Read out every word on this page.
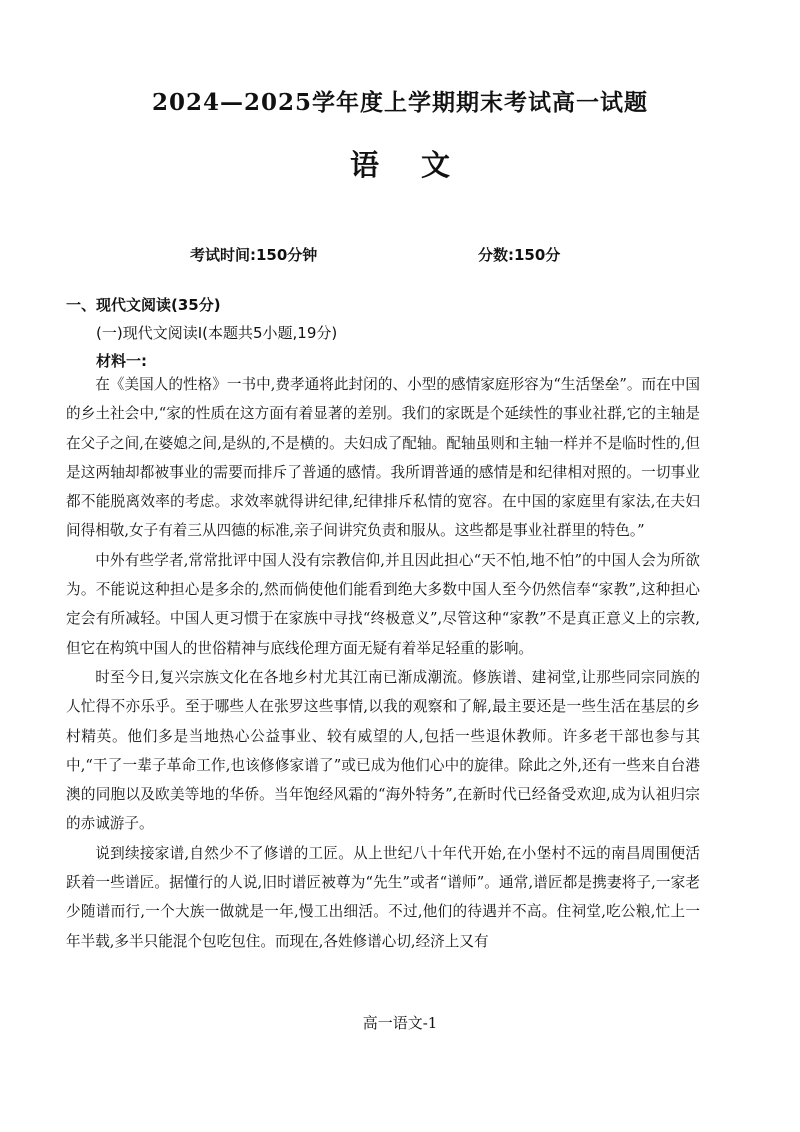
2024—2025学年度上学期期末考试高一试题
语文
考试时间:150分钟	分数:150分
一、现代文阅读(35分)
(一)现代文阅读I(本题共5小题,19分)
材料一:

在《美国人的性格》一书中,费孝通将此封闭的、小型的感情家庭形容为“生活堡垒”。而在中国的乡土社会中,“家的性质在这方面有着显著的差别。我们的家既是个延续性的事业社群,它的主轴是在父子之间,在婆媳之间,是纵的,不是横的。夫妇成了配轴。配轴虽则和主轴一样并不是临时性的,但是这两轴却都被事业的需要而排斥了普通的感情。我所谓普通的感情是和纪律相对照的。一切事业都不能脱离效率的考虑。求效率就得讲纪律,纪律排斥私情的宽容。在中国的家庭里有家法,在夫妇间得相敬,女子有着三从四德的标准,亲子间讲究负责和服从。这些都是事业社群里的特色。”

中外有些学者,常常批评中国人没有宗教信仰,并且因此担心“天不怕,地不怕”的中国人会为所欲为。不能说这种担心是多余的,然而倘使他们能看到绝大多数中国人至今仍然信奉“家教”,这种担心定会有所减轻。中国人更习惯于在家族中寻找“终极意义”,尽管这种“家教”不是真正意义上的宗教,但它在构筑中国人的世俗精神与底线伦理方面无疑有着举足轻重的影响。

时至今日,复兴宗族文化在各地乡村尤其江南已渐成潮流。修族谱、建祠堂,让那些同宗同族的人忙得不亦乐乎。至于哪些人在张罗这些事情,以我的观察和了解,最主要还是一些生活在基层的乡村精英。他们多是当地热心公益事业、较有威望的人,包括一些退休教师。许多老干部也参与其中,“干了一辈子革命工作,也该修修家谱了”或已成为他们心中的旋律。除此之外,还有一些来自台港澳的同胞以及欧美等地的华侨。当年饱经风霜的“海外特务”,在新时代已经备受欢迎,成为认祖归宗的赤诚游子。

说到续接家谱,自然少不了修谱的工匠。从上世纪八十年代开始,在小堡村不远的南昌周围便活跃着一些谱匠。据懂行的人说,旧时谱匠被尊为“先生”或者“谱师”。通常,谱匠都是携妻将子,一家老少随谱而行,一个大族一做就是一年,慢工出细活。不过,他们的待遇并不高。住祠堂,吃公粮,忙上一年半载,多半只能混个包吃包住。而现在,各姓修谱心切,经济上又有

高一语文-1
